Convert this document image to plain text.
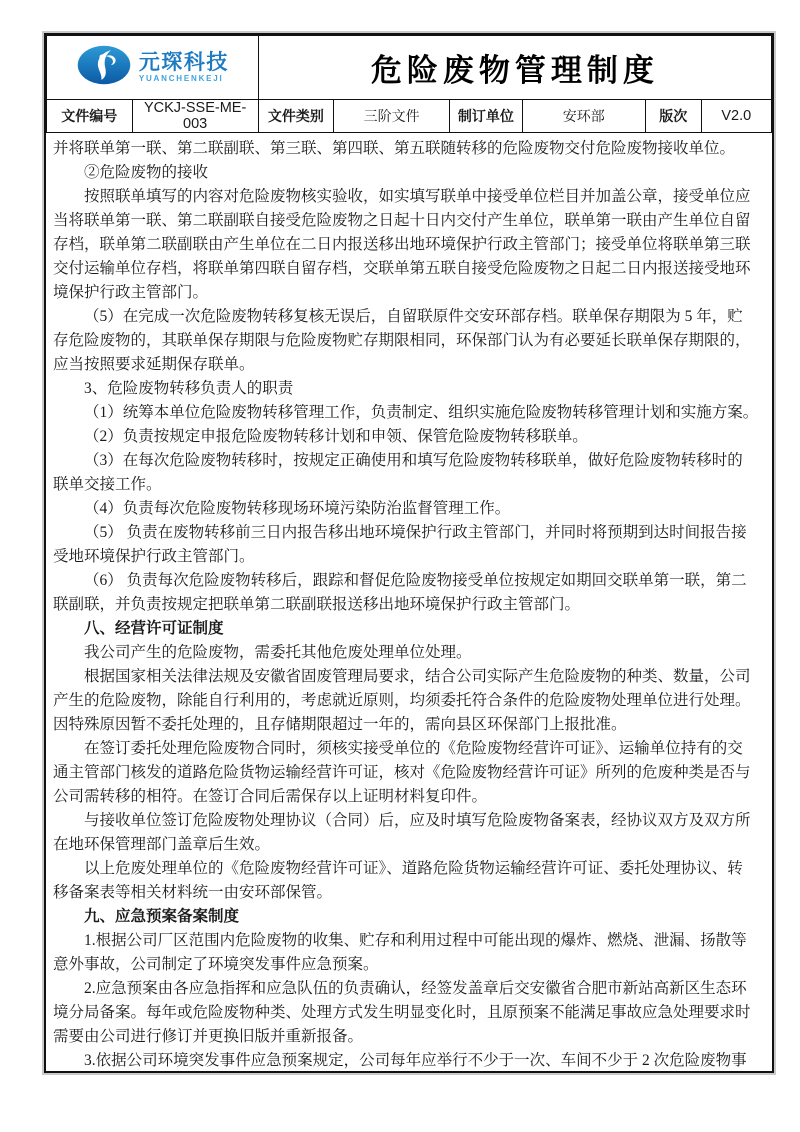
元琛科技
YUANCHENKEJI		危险废物管理制度					
文件编号	YCKJ-SSE-ME-003	文件类别	三阶文件	制订单位	安环部	版次	V2.0
并将联单第一联、第二联副联、第三联、第四联、第五联随转移的危险废物交付危险废物接收单位。
②危险废物的接收
按照联单填写的内容对危险废物核实验收，如实填写联单中接受单位栏目并加盖公章，接受单位应
当将联单第一联、第二联副联自接受危险废物之日起十日内交付产生单位，联单第一联由产生单位自留
存档，联单第二联副联由产生单位在二日内报送移出地环境保护行政主管部门；接受单位将联单第三联
交付运输单位存档，将联单第四联自留存档，交联单第五联自接受危险废物之日起二日内报送接受地环
境保护行政主管部门。
（5）在完成一次危险废物转移复核无误后，自留联原件交安环部存档。联单保存期限为 5 年，贮
存危险废物的，其联单保存期限与危险废物贮存期限相同，环保部门认为有必要延长联单保存期限的，
应当按照要求延期保存联单。
3、危险废物转移负责人的职责
（1）统筹本单位危险废物转移管理工作，负责制定、组织实施危险废物转移管理计划和实施方案。
（2）负责按规定申报危险废物转移计划和申领、保管危险废物转移联单。
（3）在每次危险废物转移时，按规定正确使用和填写危险废物转移联单，做好危险废物转移时的
联单交接工作。
（4）负责每次危险废物转移现场环境污染防治监督管理工作。
（5） 负责在废物转移前三日内报告移出地环境保护行政主管部门，并同时将预期到达时间报告接
受地环境保护行政主管部门。
（6） 负责每次危险废物转移后，跟踪和督促危险废物接受单位按规定如期回交联单第一联，第二
联副联，并负责按规定把联单第二联副联报送移出地环境保护行政主管部门。
八、经营许可证制度
我公司产生的危险废物，需委托其他危废处理单位处理。
根据国家相关法律法规及安徽省固废管理局要求，结合公司实际产生危险废物的种类、数量，公司
产生的危险废物，除能自行利用的，考虑就近原则，均须委托符合条件的危险废物处理单位进行处理。
因特殊原因暂不委托处理的，且存储期限超过一年的，需向县区环保部门上报批准。
在签订委托处理危险废物合同时，须核实接受单位的《危险废物经营许可证》、运输单位持有的交
通主管部门核发的道路危险货物运输经营许可证，核对《危险废物经营许可证》所列的危废种类是否与
公司需转移的相符。在签订合同后需保存以上证明材料复印件。
与接收单位签订危险废物处理协议（合同）后，应及时填写危险废物备案表，经协议双方及双方所
在地环保管理部门盖章后生效。
以上危废处理单位的《危险废物经营许可证》、道路危险货物运输经营许可证、委托处理协议、转
移备案表等相关材料统一由安环部保管。
九、应急预案备案制度
1.根据公司厂区范围内危险废物的收集、贮存和利用过程中可能出现的爆炸、燃烧、泄漏、扬散等
意外事故，公司制定了环境突发事件应急预案。
2.应急预案由各应急指挥和应急队伍的负责确认，经签发盖章后交安徽省合肥市新站高新区生态环
境分局备案。每年或危险废物种类、处理方式发生明显变化时，且原预案不能满足事故应急处理要求时
需要由公司进行修订并更换旧版并重新报备。
3.依据公司环境突发事件应急预案规定，公司每年应举行不少于一次、车间不少于 2 次危险废物事
